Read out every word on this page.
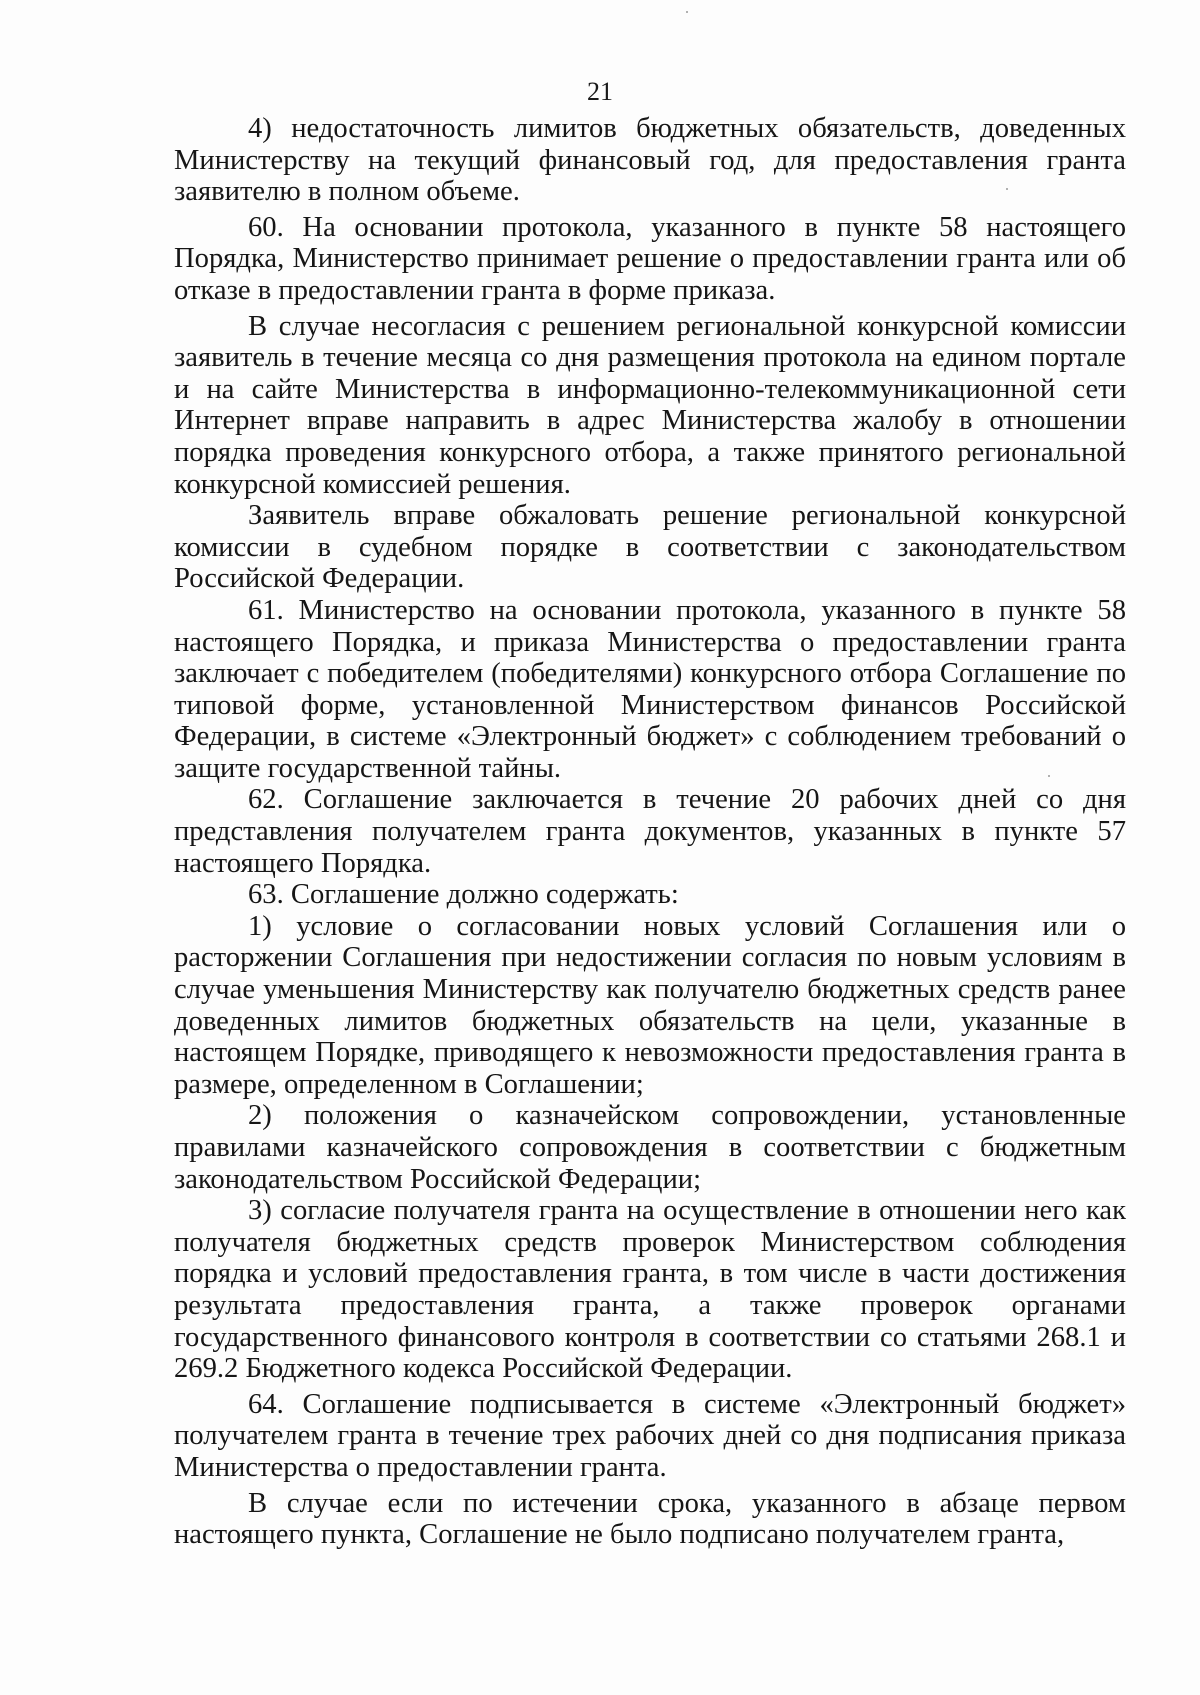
21

4) недостаточность лимитов бюджетных обязательств, доведенных Министерству на текущий финансовый год, для предоставления гранта заявителю в полном объеме.

60. На основании протокола, указанного в пункте 58 настоящего Порядка, Министерство принимает решение о предоставлении гранта или об отказе в предоставлении гранта в форме приказа.

В случае несогласия с решением региональной конкурсной комиссии заявитель в течение месяца со дня размещения протокола на едином портале и на сайте Министерства в информационно-телекоммуникационной сети Интернет вправе направить в адрес Министерства жалобу в отношении порядка проведения конкурсного отбора, а также принятого региональной конкурсной комиссией решения.

Заявитель вправе обжаловать решение региональной конкурсной комиссии в судебном порядке в соответствии с законодательством Российской Федерации.

61. Министерство на основании протокола, указанного в пункте 58 настоящего Порядка, и приказа Министерства о предоставлении гранта заключает с победителем (победителями) конкурсного отбора Соглашение по типовой форме, установленной Министерством финансов Российской Федерации, в системе «Электронный бюджет» с соблюдением требований о защите государственной тайны.

62. Соглашение заключается в течение 20 рабочих дней со дня представления получателем гранта документов, указанных в пункте 57 настоящего Порядка.

63. Соглашение должно содержать:

1) условие о согласовании новых условий Соглашения или о расторжении Соглашения при недостижении согласия по новым условиям в случае уменьшения Министерству как получателю бюджетных средств ранее доведенных лимитов бюджетных обязательств на цели, указанные в настоящем Порядке, приводящего к невозможности предоставления гранта в размере, определенном в Соглашении;

2) положения о казначейском сопровождении, установленные правилами казначейского сопровождения в соответствии с бюджетным законодательством Российской Федерации;

3) согласие получателя гранта на осуществление в отношении него как получателя бюджетных средств проверок Министерством соблюдения порядка и условий предоставления гранта, в том числе в части достижения результата предоставления гранта, а также проверок органами государственного финансового контроля в соответствии со статьями 268.1 и 269.2 Бюджетного кодекса Российской Федерации.

64. Соглашение подписывается в системе «Электронный бюджет» получателем гранта в течение трех рабочих дней со дня подписания приказа Министерства о предоставлении гранта.

В случае если по истечении срока, указанного в абзаце первом настоящего пункта, Соглашение не было подписано получателем гранта,
